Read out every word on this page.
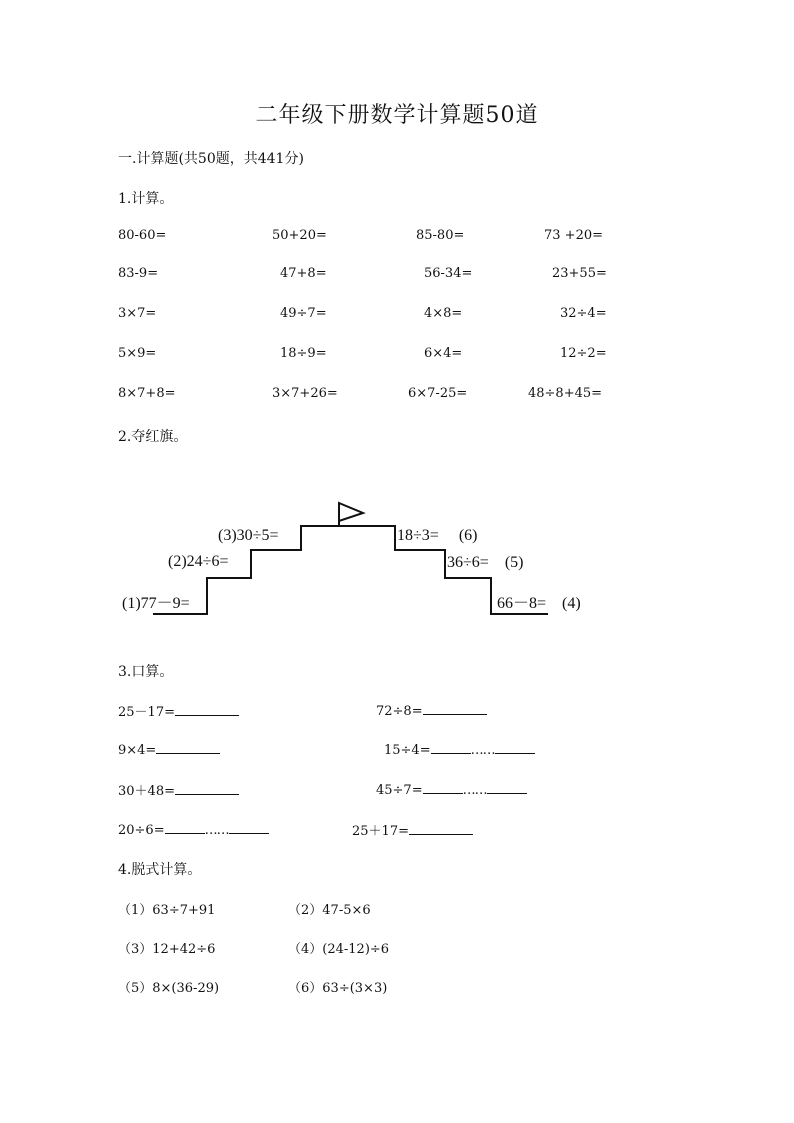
二年级下册数学计算题50道
一.计算题(共50题，共441分)
1.计算。
80-60=	50+20=	85-80=	73 +20=
83-9=	47+8=	56-34=	23+55=
3×7=	49÷7=	4×8=	32÷4=
5×9=	18÷9=	6×4=	12÷2=
8×7+8=	3×7+26=	6×7-25=	48÷8+45=
2.夺红旗。
(1)77－9=
(2)24÷6=
(3)30÷5=	18÷3= (6)
36÷6= (5)
66－8= (4)
3.口算。
25－17=	72÷8=
9×4=	15÷4=	……
30＋48=	45÷7=	……
20÷6=	……	25＋17=
4.脱式计算。
（1）63÷7+91	（2）47-5×6
（3）12+42÷6	（4）(24-12)÷6
（5）8×(36-29)	（6）63÷(3×3)
